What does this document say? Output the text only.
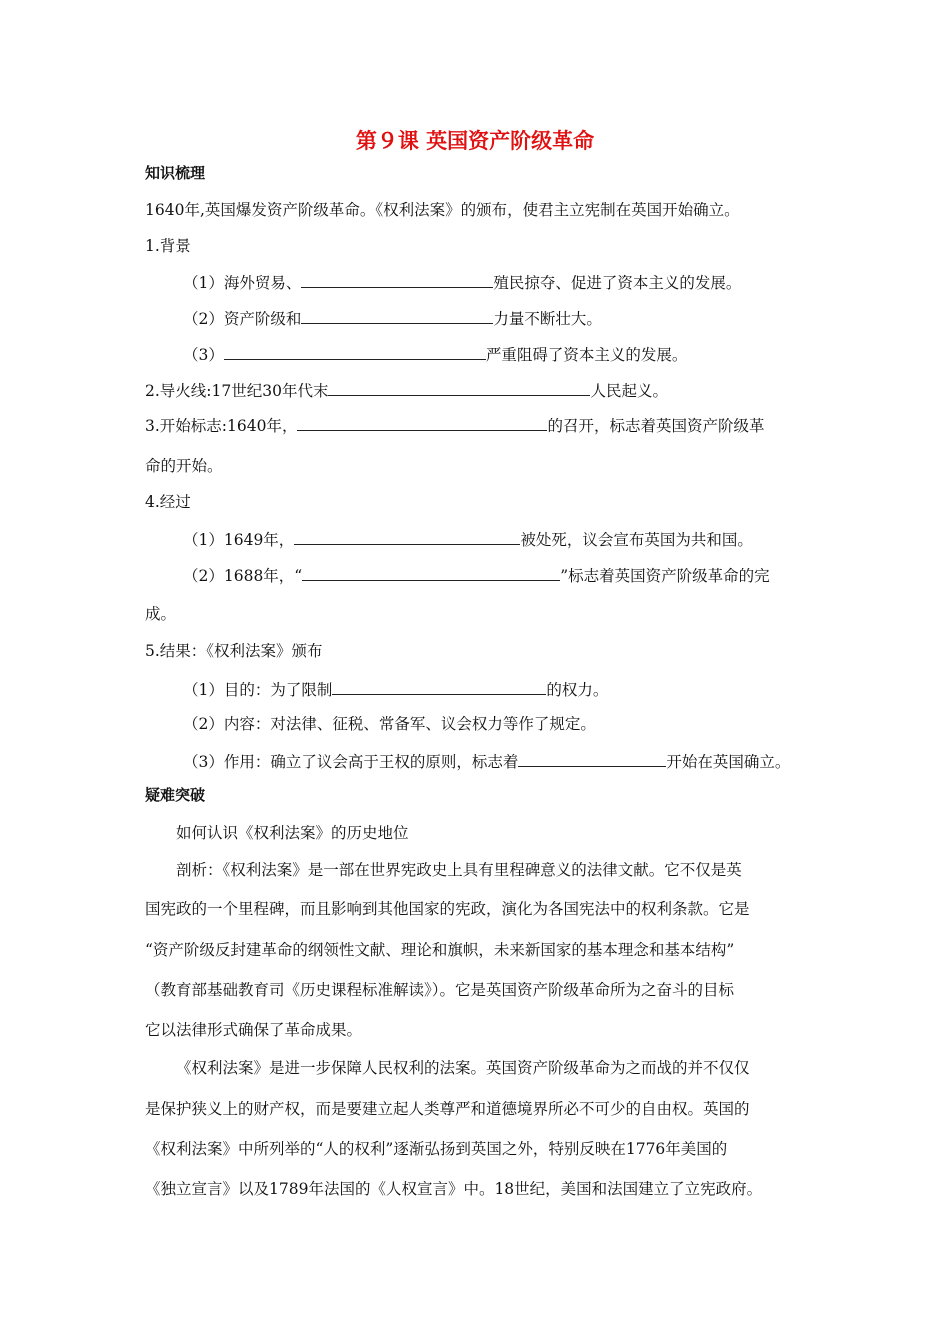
第９课 英国资产阶级革命
知识梳理
1640年,英国爆发资产阶级革命。《权利法案》的颁布，使君主立宪制在英国开始确立。
1.背景
（1）海外贸易、	殖民掠夺、促进了资本主义的发展。
（2）资产阶级和	力量不断壮大。
（3）	严重阻碍了资本主义的发展。
2.导火线:17世纪30年代末	人民起义。
3.开始标志:1640年，	的召开，标志着英国资产阶级革
命的开始。
4.经过
（1）1649年，	被处死，议会宣布英国为共和国。
（2）1688年，“	”标志着英国资产阶级革命的完
成。
5.结果：《权利法案》颁布
（1）目的：为了限制	的权力。
（2）内容：对法律、征税、常备军、议会权力等作了规定。
（3）作用：确立了议会高于王权的原则，标志着	开始在英国确立。
疑难突破
如何认识《权利法案》的历史地位
剖析：《权利法案》是一部在世界宪政史上具有里程碑意义的法律文献。它不仅是英
国宪政的一个里程碑，而且影响到其他国家的宪政，演化为各国宪法中的权利条款。它是
“资产阶级反封建革命的纲领性文献、理论和旗帜，未来新国家的基本理念和基本结构”
（教育部基础教育司《历史课程标准解读》）。它是英国资产阶级革命所为之奋斗的目标
它以法律形式确保了革命成果。
《权利法案》是进一步保障人民权利的法案。英国资产阶级革命为之而战的并不仅仅
是保护狭义上的财产权，而是要建立起人类尊严和道德境界所必不可少的自由权。英国的
《权利法案》中所列举的“人的权利”逐渐弘扬到英国之外，特别反映在1776年美国的
《独立宣言》以及1789年法国的《人权宣言》中。18世纪，美国和法国建立了立宪政府。
